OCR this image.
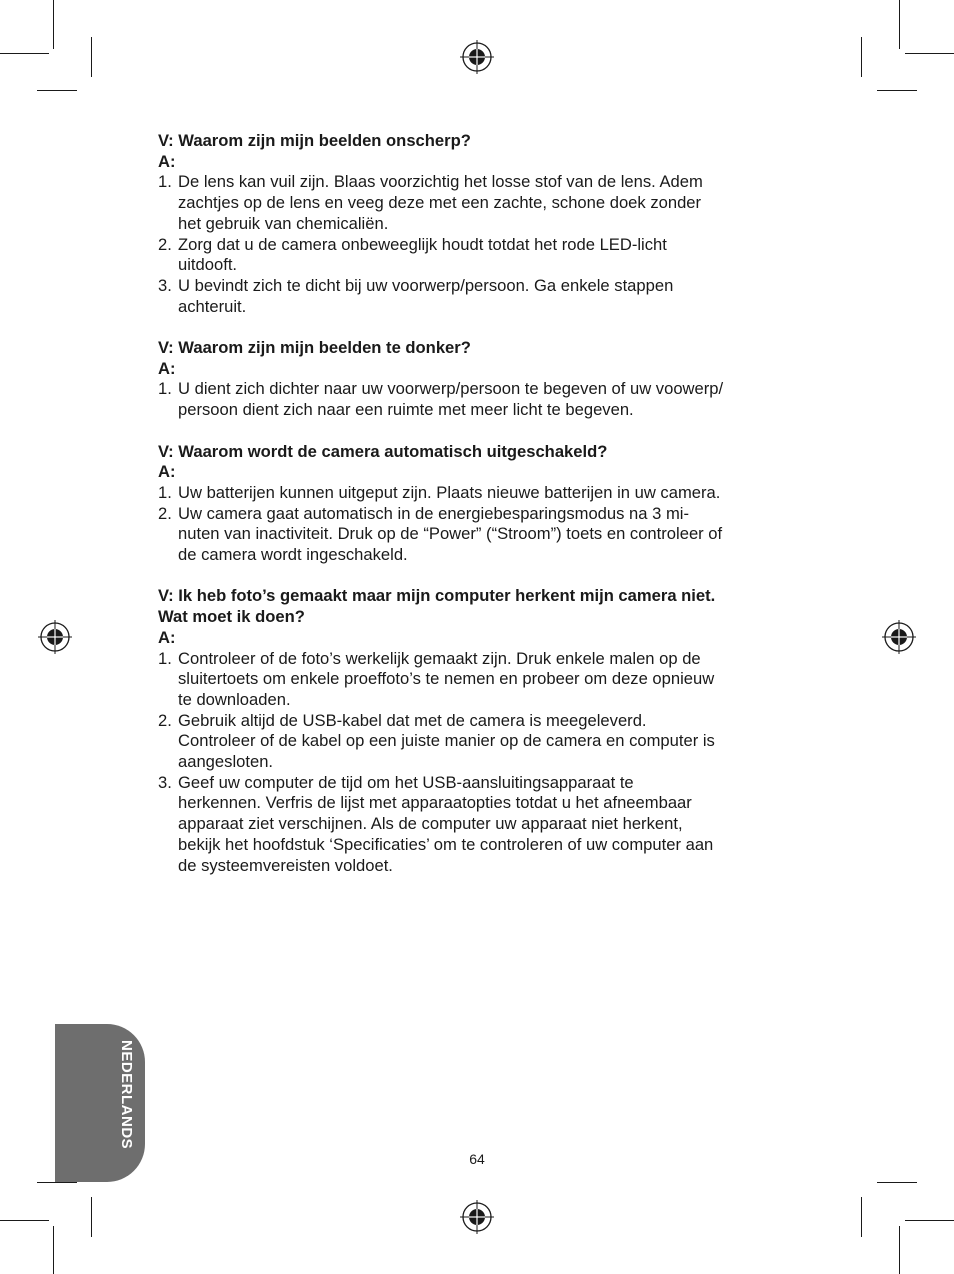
V: Waarom zijn mijn beelden onscherp?

A:

1. De lens kan vuil zijn. Blaas voorzichtig het losse stof van de lens. Adem
zachtjes op de lens en veeg deze met een zachte, schone doek zonder
het gebruik van chemicaliën.
2. Zorg dat u de camera onbeweeglijk houdt totdat het rode LED-licht
uitdooft.
3. U bevindt zich te dicht bij uw voorwerp/persoon. Ga enkele stappen
achteruit.

V: Waarom zijn mijn beelden te donker?

A:

1. U dient zich dichter naar uw voorwerp/persoon te begeven of uw voowerp/
persoon dient zich naar een ruimte met meer licht te begeven.

V: Waarom wordt de camera automatisch uitgeschakeld?

A:

1. Uw batterijen kunnen uitgeput zijn. Plaats nieuwe batterijen in uw camera.
2. Uw camera gaat automatisch in de energiebesparingsmodus na 3 mi-
nuten van inactiviteit. Druk op de “Power” (“Stroom”) toets en controleer of
de camera wordt ingeschakeld.

V: Ik heb foto’s gemaakt maar mijn computer herkent mijn camera niet.
Wat moet ik doen?

A:

1. Controleer of de foto’s werkelijk gemaakt zijn. Druk enkele malen op de
sluitertoets om enkele proeffoto’s te nemen en probeer om deze opnieuw
te downloaden.
2. Gebruik altijd de USB-kabel dat met de camera is meegeleverd.
Controleer of de kabel op een juiste manier op de camera en computer is
aangesloten.
3. Geef uw computer de tijd om het USB-aansluitingsapparaat te
herkennen. Verfris de lijst met apparaatopties totdat u het afneembaar
apparaat ziet verschijnen. Als de computer uw apparaat niet herkent,
bekijk het hoofdstuk ‘Specificaties’ om te controleren of uw computer aan
de systeemvereisten voldoet.
NEDERLANDS
64
